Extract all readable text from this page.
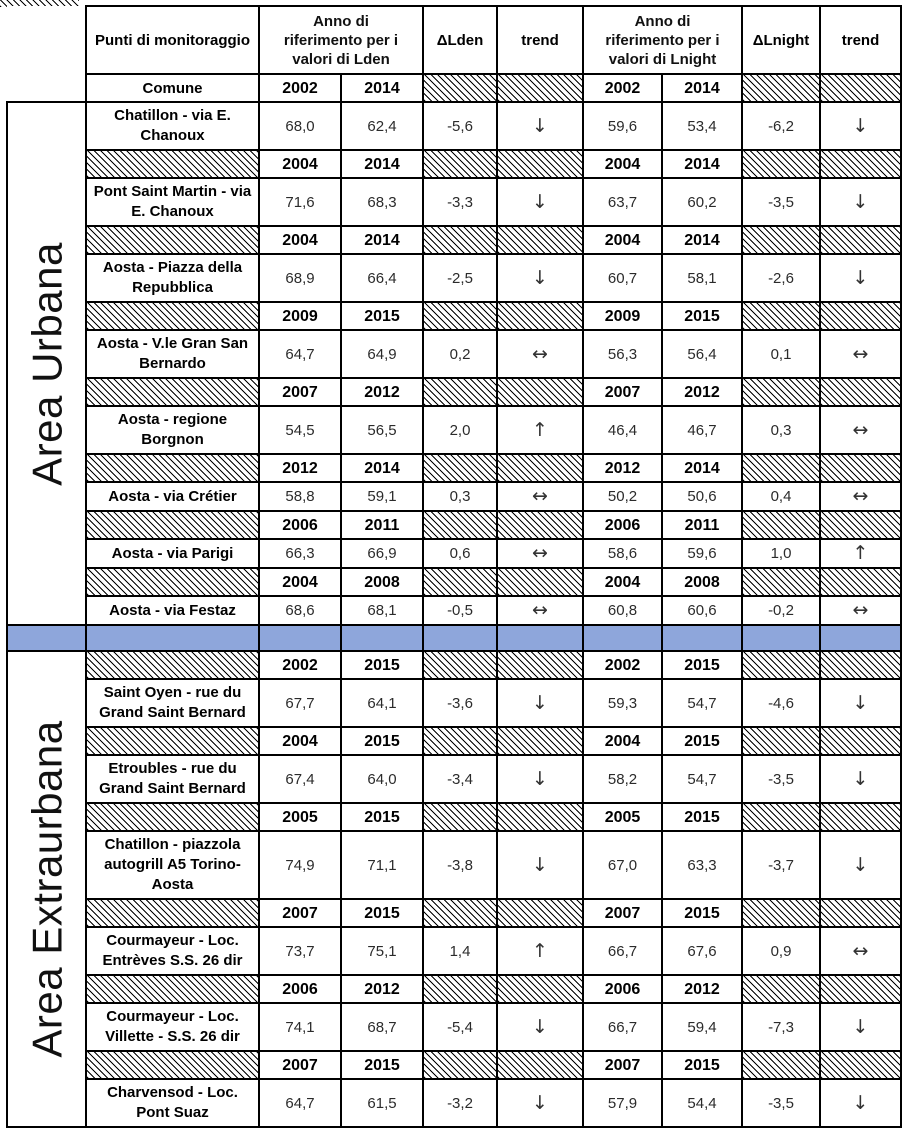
	Punti di monitoraggio	Anno di riferimento per i valori di Lden		ΔLden	trend	Anno di riferimento per i valori di Lnight		ΔLnight	trend
	Comune	2002	2014			2002	2014		

Area Urbana	Chatillon - via E. Chanoux	68,0	62,4	-5,6	↓	59,6	53,4	-6,2	↓
		2004	2014			2004	2014		
	Pont Saint Martin - via E. Chanoux	71,6	68,3	-3,3	↓	63,7	60,2	-3,5	↓
		2004	2014			2004	2014		
	Aosta - Piazza della Repubblica	68,9	66,4	-2,5	↓	60,7	58,1	-2,6	↓
		2009	2015			2009	2015		
	Aosta - V.le Gran San Bernardo	64,7	64,9	0,2	↔	56,3	56,4	0,1	↔
		2007	2012			2007	2012		
	Aosta - regione Borgnon	54,5	56,5	2,0	↑	46,4	46,7	0,3	↔
		2012	2014			2012	2014		
	Aosta - via Crétier	58,8	59,1	0,3	↔	50,2	50,6	0,4	↔
		2006	2011			2006	2011		
	Aosta - via Parigi	66,3	66,9	0,6	↔	58,6	59,6	1,0	↑
		2004	2008			2004	2008		
	Aosta - via Festaz	68,6	68,1	-0,5	↔	60,8	60,6	-0,2	↔

Area Extraurbana		2002	2015			2002	2015		
	Saint Oyen - rue du Grand Saint Bernard	67,7	64,1	-3,6	↓	59,3	54,7	-4,6	↓
		2004	2015			2004	2015		
	Etroubles - rue du Grand Saint Bernard	67,4	64,0	-3,4	↓	58,2	54,7	-3,5	↓
		2005	2015			2005	2015		
	Chatillon - piazzola autogrill A5 Torino-Aosta	74,9	71,1	-3,8	↓	67,0	63,3	-3,7	↓
		2007	2015			2007	2015		
	Courmayeur - Loc. Entrèves S.S. 26 dir	73,7	75,1	1,4	↑	66,7	67,6	0,9	↔
		2006	2012			2006	2012		
	Courmayeur - Loc. Villette - S.S. 26 dir	74,1	68,7	-5,4	↓	66,7	59,4	-7,3	↓
		2007	2015			2007	2015		
	Charvensod - Loc. Pont Suaz	64,7	61,5	-3,2	↓	57,9	54,4	-3,5	↓
